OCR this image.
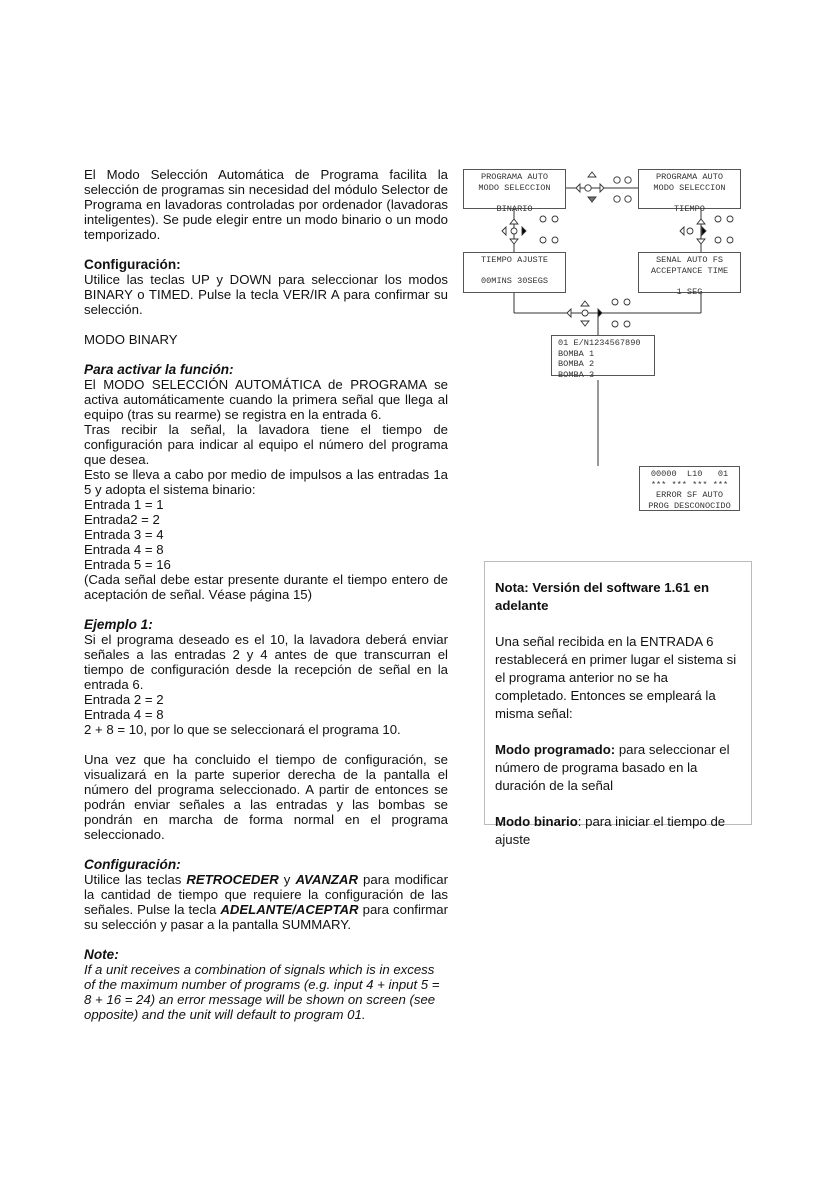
El Modo Selección Automática de Programa facilita la selección de programas sin necesidad del módulo Selector de Programa en lavadoras controladas por ordenador (lavadoras inteligentes). Se pude elegir entre un modo binario o un modo temporizado.

Configuración:

Utilice las teclas UP y DOWN para seleccionar los modos BINARY o TIMED. Pulse la tecla VER/IR A para confirmar su selección.

MODO BINARY

Para activar la función:

El MODO SELECCIÓN AUTOMÁTICA de PROGRAMA se activa automáticamente cuando la primera señal que llega al equipo (tras su rearme) se registra en la entrada 6.

Tras recibir la señal, la lavadora tiene el tiempo de configuración para indicar al equipo el número del programa que desea.

Esto se lleva a cabo por medio de impulsos a las entradas 1a 5 y adopta el sistema binario:

Entrada 1 = 1

Entrada2 = 2

Entrada 3 = 4

Entrada 4 = 8

Entrada 5 = 16

(Cada señal debe estar presente durante el tiempo entero de aceptación de señal. Véase página 15)

Ejemplo 1:

Si el programa deseado es el 10, la lavadora deberá enviar señales a las entradas 2 y 4 antes de que transcurran el tiempo de configuración desde la recepción de señal en la entrada 6.

Entrada 2 = 2

Entrada 4 = 8

2 + 8 = 10, por lo que se seleccionará el programa 10.

Una vez que ha concluido el tiempo de configuración, se visualizará en la parte superior derecha de la pantalla el número del programa seleccionado. A partir de entonces se podrán enviar señales a las entradas y las bombas se pondrán en marcha de forma normal en el programa seleccionado.

Configuración:

Utilice las teclas RETROCEDER y AVANZAR para modificar la cantidad de tiempo que requiere la configuración de las señales. Pulse la tecla ADELANTE/ACEPTAR para confirmar su selección y pasar a la pantalla SUMMARY.

Note:

If a unit receives a combination of signals which is in excess of the maximum number of programs (e.g. input 4 + input 5 = 8 + 16 = 24) an error message will be shown on screen (see opposite) and the unit will default to program 01.

PROGRAMA AUTO
MODO SELECCION

BINARIO
PROGRAMA AUTO
MODO SELECCION

TIEMPO
TIEMPO AJUSTE

00MINS 30SEGS
SENAL AUTO FS
ACCEPTANCE TIME

1 SEG
01 E/N1234567890
BOMBA 1
BOMBA 2
BOMBA 3
00000  L10   01
*** *** *** ***
ERROR SF AUTO
PROG DESCONOCIDO

Nota: Versión del software 1.61 en adelante

Una señal recibida en la ENTRADA 6 restablecerá en primer lugar el sistema si el programa anterior no se ha completado. Entonces se empleará la misma señal:

Modo programado: para seleccionar el número de programa basado en la duración de la señal

Modo binario: para iniciar el tiempo de ajuste
